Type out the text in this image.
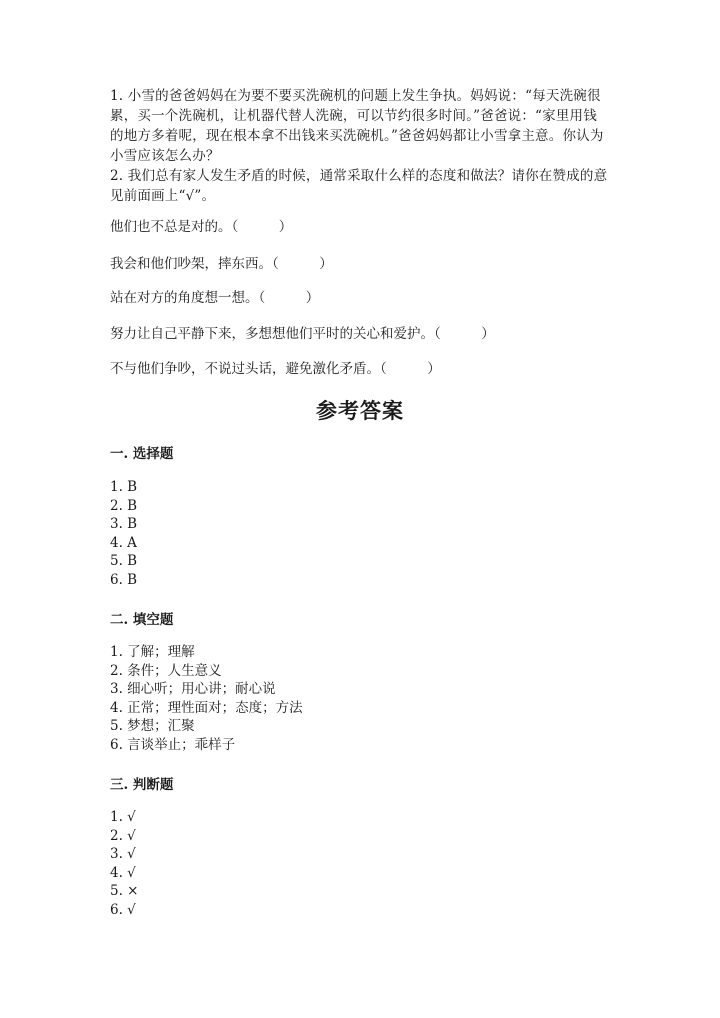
1. 小雪的爸爸妈妈在为要不要买洗碗机的问题上发生争执。妈妈说：“每天洗碗很累，买一个洗碗机，让机器代替人洗碗，可以节约很多时间。”爸爸说：“家里用钱的地方多着呢，现在根本拿不出钱来买洗碗机。”爸爸妈妈都让小雪拿主意。你认为小雪应该怎么办？

2. 我们总有家人发生矛盾的时候，通常采取什么样的态度和做法？请你在赞成的意见前面画上“√”。

他们也不总是对的。（　　　）
我会和他们吵架，摔东西。（　　　）
站在对方的角度想一想。（　　　）
努力让自己平静下来，多想想他们平时的关心和爱护。（　　　）
不与他们争吵，不说过头话，避免激化矛盾。（　　　）
参考答案
一. 选择题
1. B
2. B
3. B
4. A
5. B
6. B
二. 填空题
1. 了解；理解
2. 条件；人生意义
3. 细心听；用心讲；耐心说
4. 正常；理性面对；态度；方法
5. 梦想；汇聚
6. 言谈举止；乖样子
三. 判断题
1. √
2. √
3. √
4. √
5. ×
6. √
